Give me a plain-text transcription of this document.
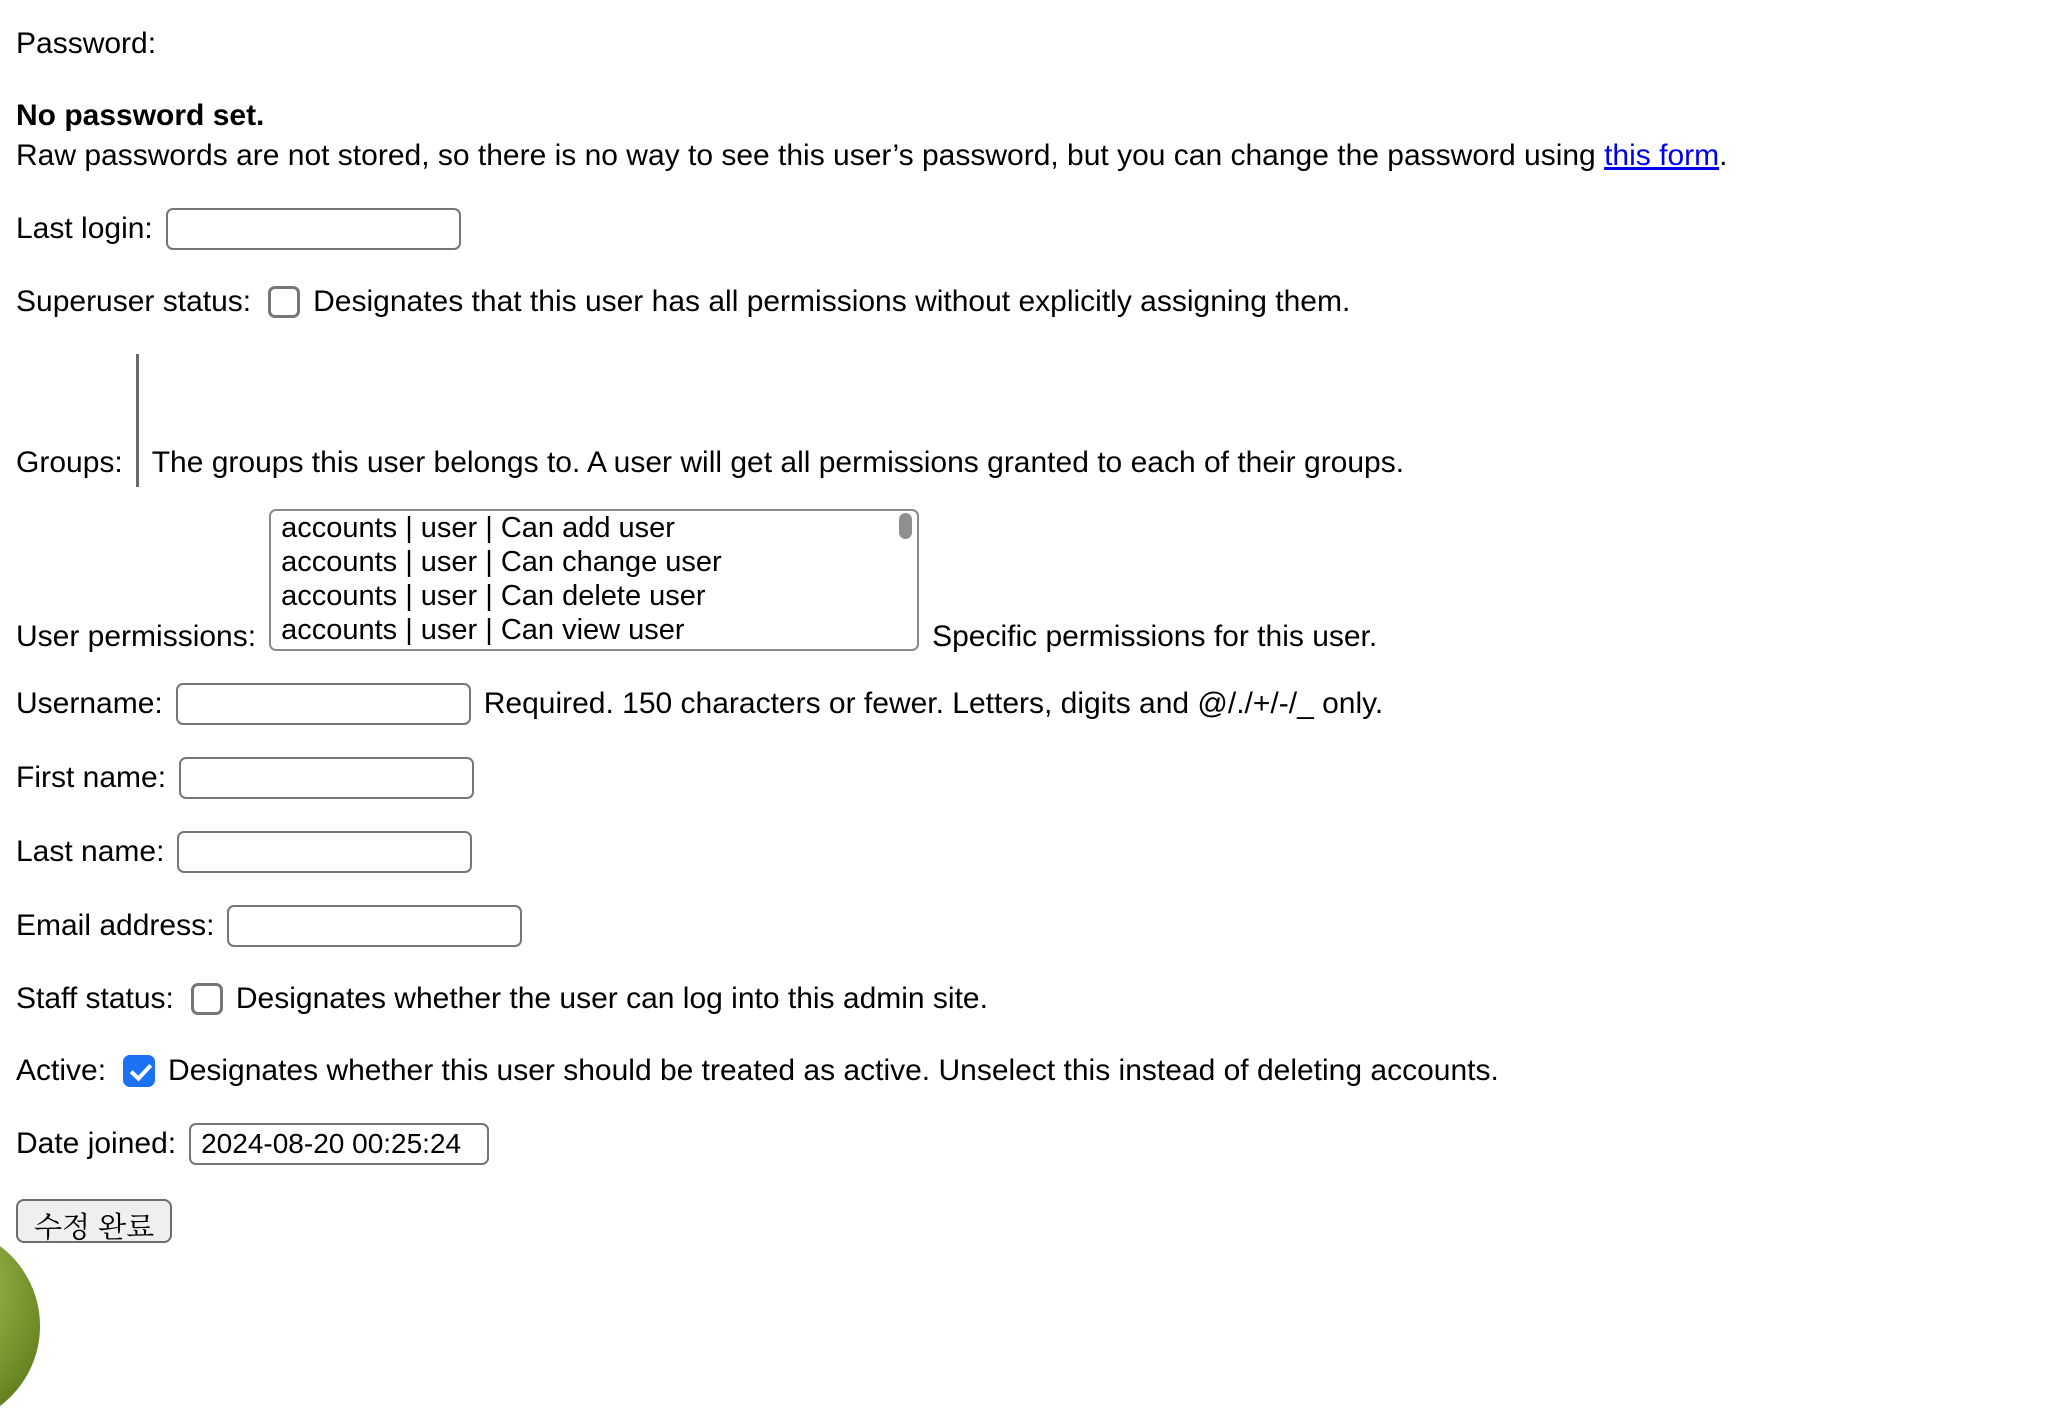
Password:

No password set.
Raw passwords are not stored, so there is no way to see this user’s password, but you can change the password using this form.

Last login:
Superuser status: Designates that this user has all permissions without explicitly assigning them.
Groups: The groups this user belongs to. A user will get all permissions granted to each of their groups.
User permissions:
accounts | user | Can add user
accounts | user | Can change user
accounts | user | Can delete user
accounts | user | Can view user	Specific permissions for this user.
Username:	Required. 150 characters or fewer. Letters, digits and @/./+/-/_ only.
First name:
Last name:
Email address:
Staff status: Designates whether the user can log into this admin site.
Active: Designates whether this user should be treated as active. Unselect this instead of deleting accounts.
Date joined:
2024-08-20 00:25:24
수정 완료
